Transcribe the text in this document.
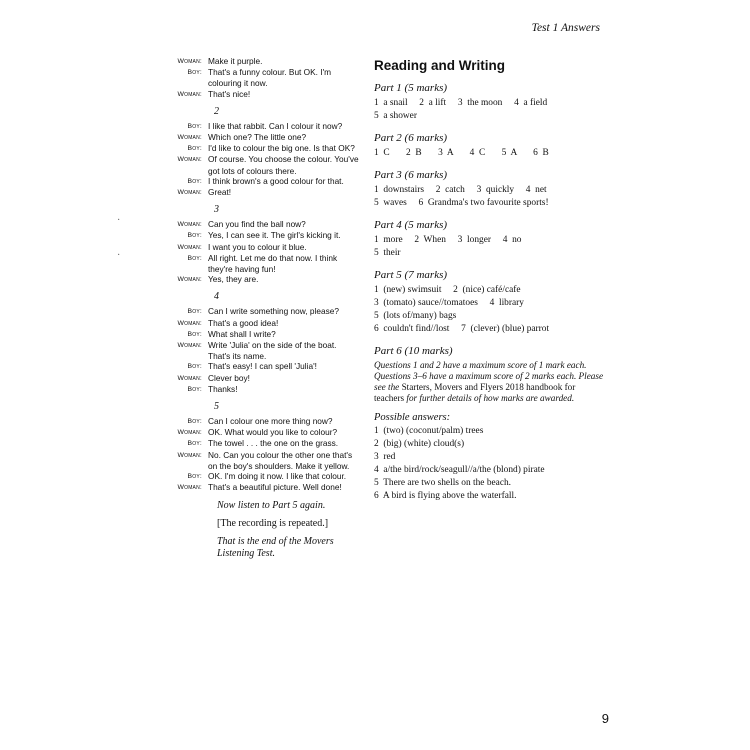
Test 1 Answers
·
·
Woman: Make it purple.
Boy: That's a funny colour. But OK. I'm
colouring it now.
Woman: That's nice!
2
Boy: I like that rabbit. Can I colour it now?
Woman: Which one? The little one?
Boy: I'd like to colour the big one. Is that OK?
Woman: Of course. You choose the colour. You've
got lots of colours there.
Boy: I think brown's a good colour for that.
Woman: Great!
3
Woman: Can you find the ball now?
Boy: Yes, I can see it. The girl's kicking it.
Woman: I want you to colour it blue.
Boy: All right. Let me do that now. I think
they're having fun!
Woman: Yes, they are.
4
Boy: Can I write something now, please?
Woman: That's a good idea!
Boy: What shall I write?
Woman: Write 'Julia' on the side of the boat.
That's its name.
Boy: That's easy! I can spell 'Julia'!
Woman: Clever boy!
Boy: Thanks!
5
Boy: Can I colour one more thing now?
Woman: OK. What would you like to colour?
Boy: The towel . . . the one on the grass.
Woman: No. Can you colour the other one that's
on the boy's shoulders. Make it yellow.
Boy: OK. I'm doing it now. I like that colour.
Woman: That's a beautiful picture. Well done!
Now listen to Part 5 again.
[The recording is repeated.]
That is the end of the Movers Listening Test.
Reading and Writing
Part 1 (5 marks)
1  a snail     2  a lift     3  the moon     4  a field
5  a shower
Part 2 (6 marks)
1  C       2  B       3  A       4  C       5  A       6  B
Part 3 (6 marks)
1  downstairs     2  catch     3  quickly     4  net
5  waves     6  Grandma's two favourite sports!
Part 4 (5 marks)
1  more     2  When     3  longer     4  no
5  their
Part 5 (7 marks)
1  (new) swimsuit     2  (nice) café/cafe
3  (tomato) sauce//tomatoes     4  library
5  (lots of/many) bags
6  couldn't find//lost     7  (clever) (blue) parrot
Part 6 (10 marks)
Questions 1 and 2 have a maximum score of 1 mark each. Questions 3–6 have a maximum score of 2 marks each. Please see the Starters, Movers and Flyers 2018 handbook for teachers for further details of how marks are awarded.
Possible answers:
1  (two) (coconut/palm) trees
2  (big) (white) cloud(s)
3  red
4  a/the bird/rock/seagull//a/the (blond) pirate
5  There are two shells on the beach.
6  A bird is flying above the waterfall.
9
